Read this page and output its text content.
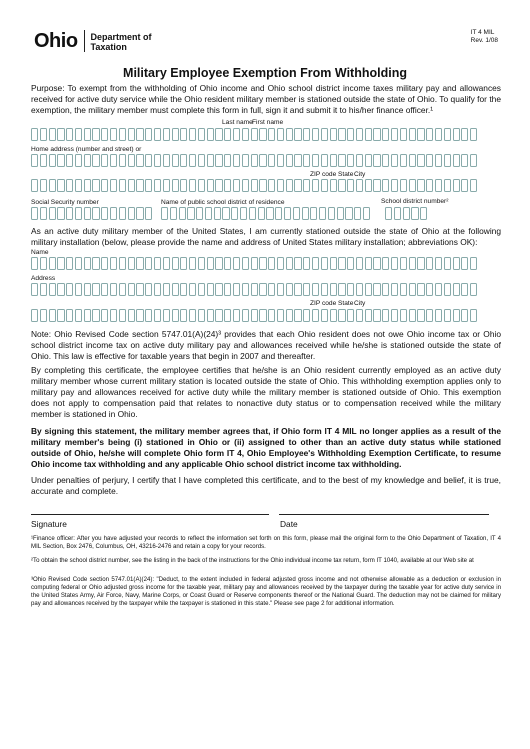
Ohio Department of
Taxation
IT 4 MIL
Rev. 1/08
Military Employee Exemption From Withholding
Purpose: To exempt from the withholding of Ohio income and Ohio school district income taxes military pay and allowances received for active duty service while the Ohio resident military member is stationed outside the state of Ohio. To qualify for the exemption, the military member must complete this form in full, sign it and submit it to his/her finance officer.¹
Last name First name
Home address (number and street) or
ZIP code State City
Social Security number	Name of public school district of residence	School district number²
As an active duty military member of the United States, I am currently stationed outside the state of Ohio at the following military installation (below, please provide the name and address of United States military installation; abbreviations OK):
Name
Address
ZIP code State City
Note: Ohio Revised Code section 5747.01(A)(24)³ provides that each Ohio resident does not owe Ohio income tax or Ohio school district income tax on active duty military pay and allowances received while he/she is stationed outside the state of Ohio. This law is effective for taxable years that begin in 2007 and thereafter.
By completing this certificate, the employee certifies that he/she is an Ohio resident currently employed as an active duty military member whose current military station is located outside the state of Ohio. This withholding exemption applies only to military pay and allowances received for active duty while the military member is stationed outside of Ohio. This exemption does not apply to compensation paid that relates to nonactive duty status or to compensation received while the military member is stationed in Ohio.
By signing this statement, the military member agrees that, if Ohio form IT 4 MIL no longer applies as a result of the military member's being (i) stationed in Ohio or (ii) assigned to other than an active duty status while stationed outside of Ohio, he/she will complete Ohio form IT 4, Ohio Employee's Withholding Exemption Certificate, to resume Ohio income tax withholding and any applicable Ohio school district income tax withholding.
Under penalties of perjury, I certify that I have completed this certificate, and to the best of my knowledge and belief, it is true, accurate and complete.
Signature	Date
¹Finance officer: After you have adjusted your records to reflect the information set forth on this form, please mail the original form to the Ohio Department of Taxation, IT 4 MIL Section, Box 2476, Columbus, OH, 43216-2476 and retain a copy for your records.
²To obtain the school district number, see the listing in the back of the instructions for the Ohio individual income tax return, form IT 1040, available at our Web site at
³Ohio Revised Code section 5747.01(A)(24): "Deduct, to the extent included in federal adjusted gross income and not otherwise allowable as a deduction or exclusion in computing federal or Ohio adjusted gross income for the taxable year, military pay and allowances received by the taxpayer during the taxable year for active duty service in the United States Army, Air Force, Navy, Marine Corps, or Coast Guard or Reserve components thereof or the National Guard. The deduction may not be claimed for military pay and allowances received by the taxpayer while the taxpayer is stationed in this state." Please see page 2 for additional information.
